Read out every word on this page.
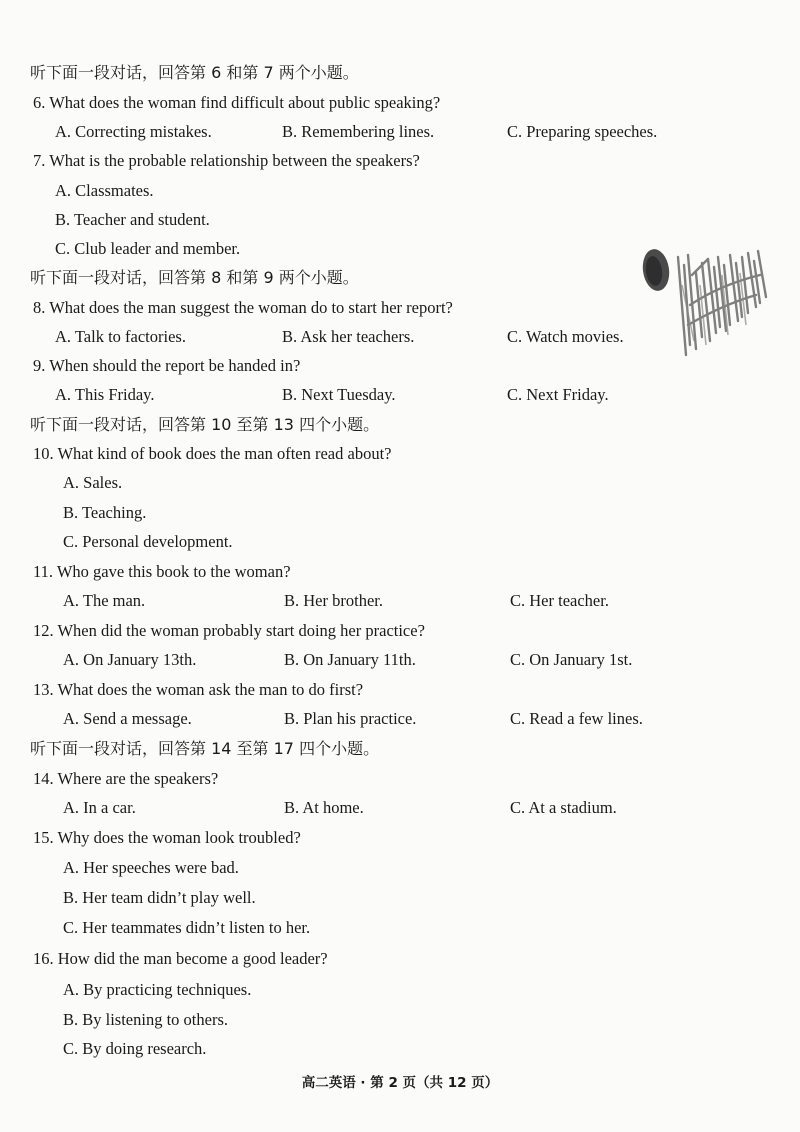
听下面一段对话，回答第 6 和第 7 两个小题。
6. What does the woman find difficult about public speaking?
A. Correcting mistakes.	B. Remembering lines.	C. Preparing speeches.
7. What is the probable relationship between the speakers?
A. Classmates.
B. Teacher and student.
C. Club leader and member.
听下面一段对话，回答第 8 和第 9 两个小题。
8. What does the man suggest the woman do to start her report?
A. Talk to factories.	B. Ask her teachers.	C. Watch movies.
9. When should the report be handed in?
A. This Friday.	B. Next Tuesday.	C. Next Friday.
听下面一段对话，回答第 10 至第 13 四个小题。
10. What kind of book does the man often read about?
A. Sales.
B. Teaching.
C. Personal development.
11. Who gave this book to the woman?
A. The man.	B. Her brother.	C. Her teacher.
12. When did the woman probably start doing her practice?
A. On January 13th.	B. On January 11th.	C. On January 1st.
13. What does the woman ask the man to do first?
A. Send a message.	B. Plan his practice.	C. Read a few lines.
听下面一段对话，回答第 14 至第 17 四个小题。
14. Where are the speakers?
A. In a car.	B. At home.	C. At a stadium.
15. Why does the woman look troubled?
A. Her speeches were bad.
B. Her team didn’t play well.
C. Her teammates didn’t listen to her.
16. How did the man become a good leader?
A. By practicing techniques.
B. By listening to others.
C. By doing research.
高二英语 · 第 2 页（共 12 页）
